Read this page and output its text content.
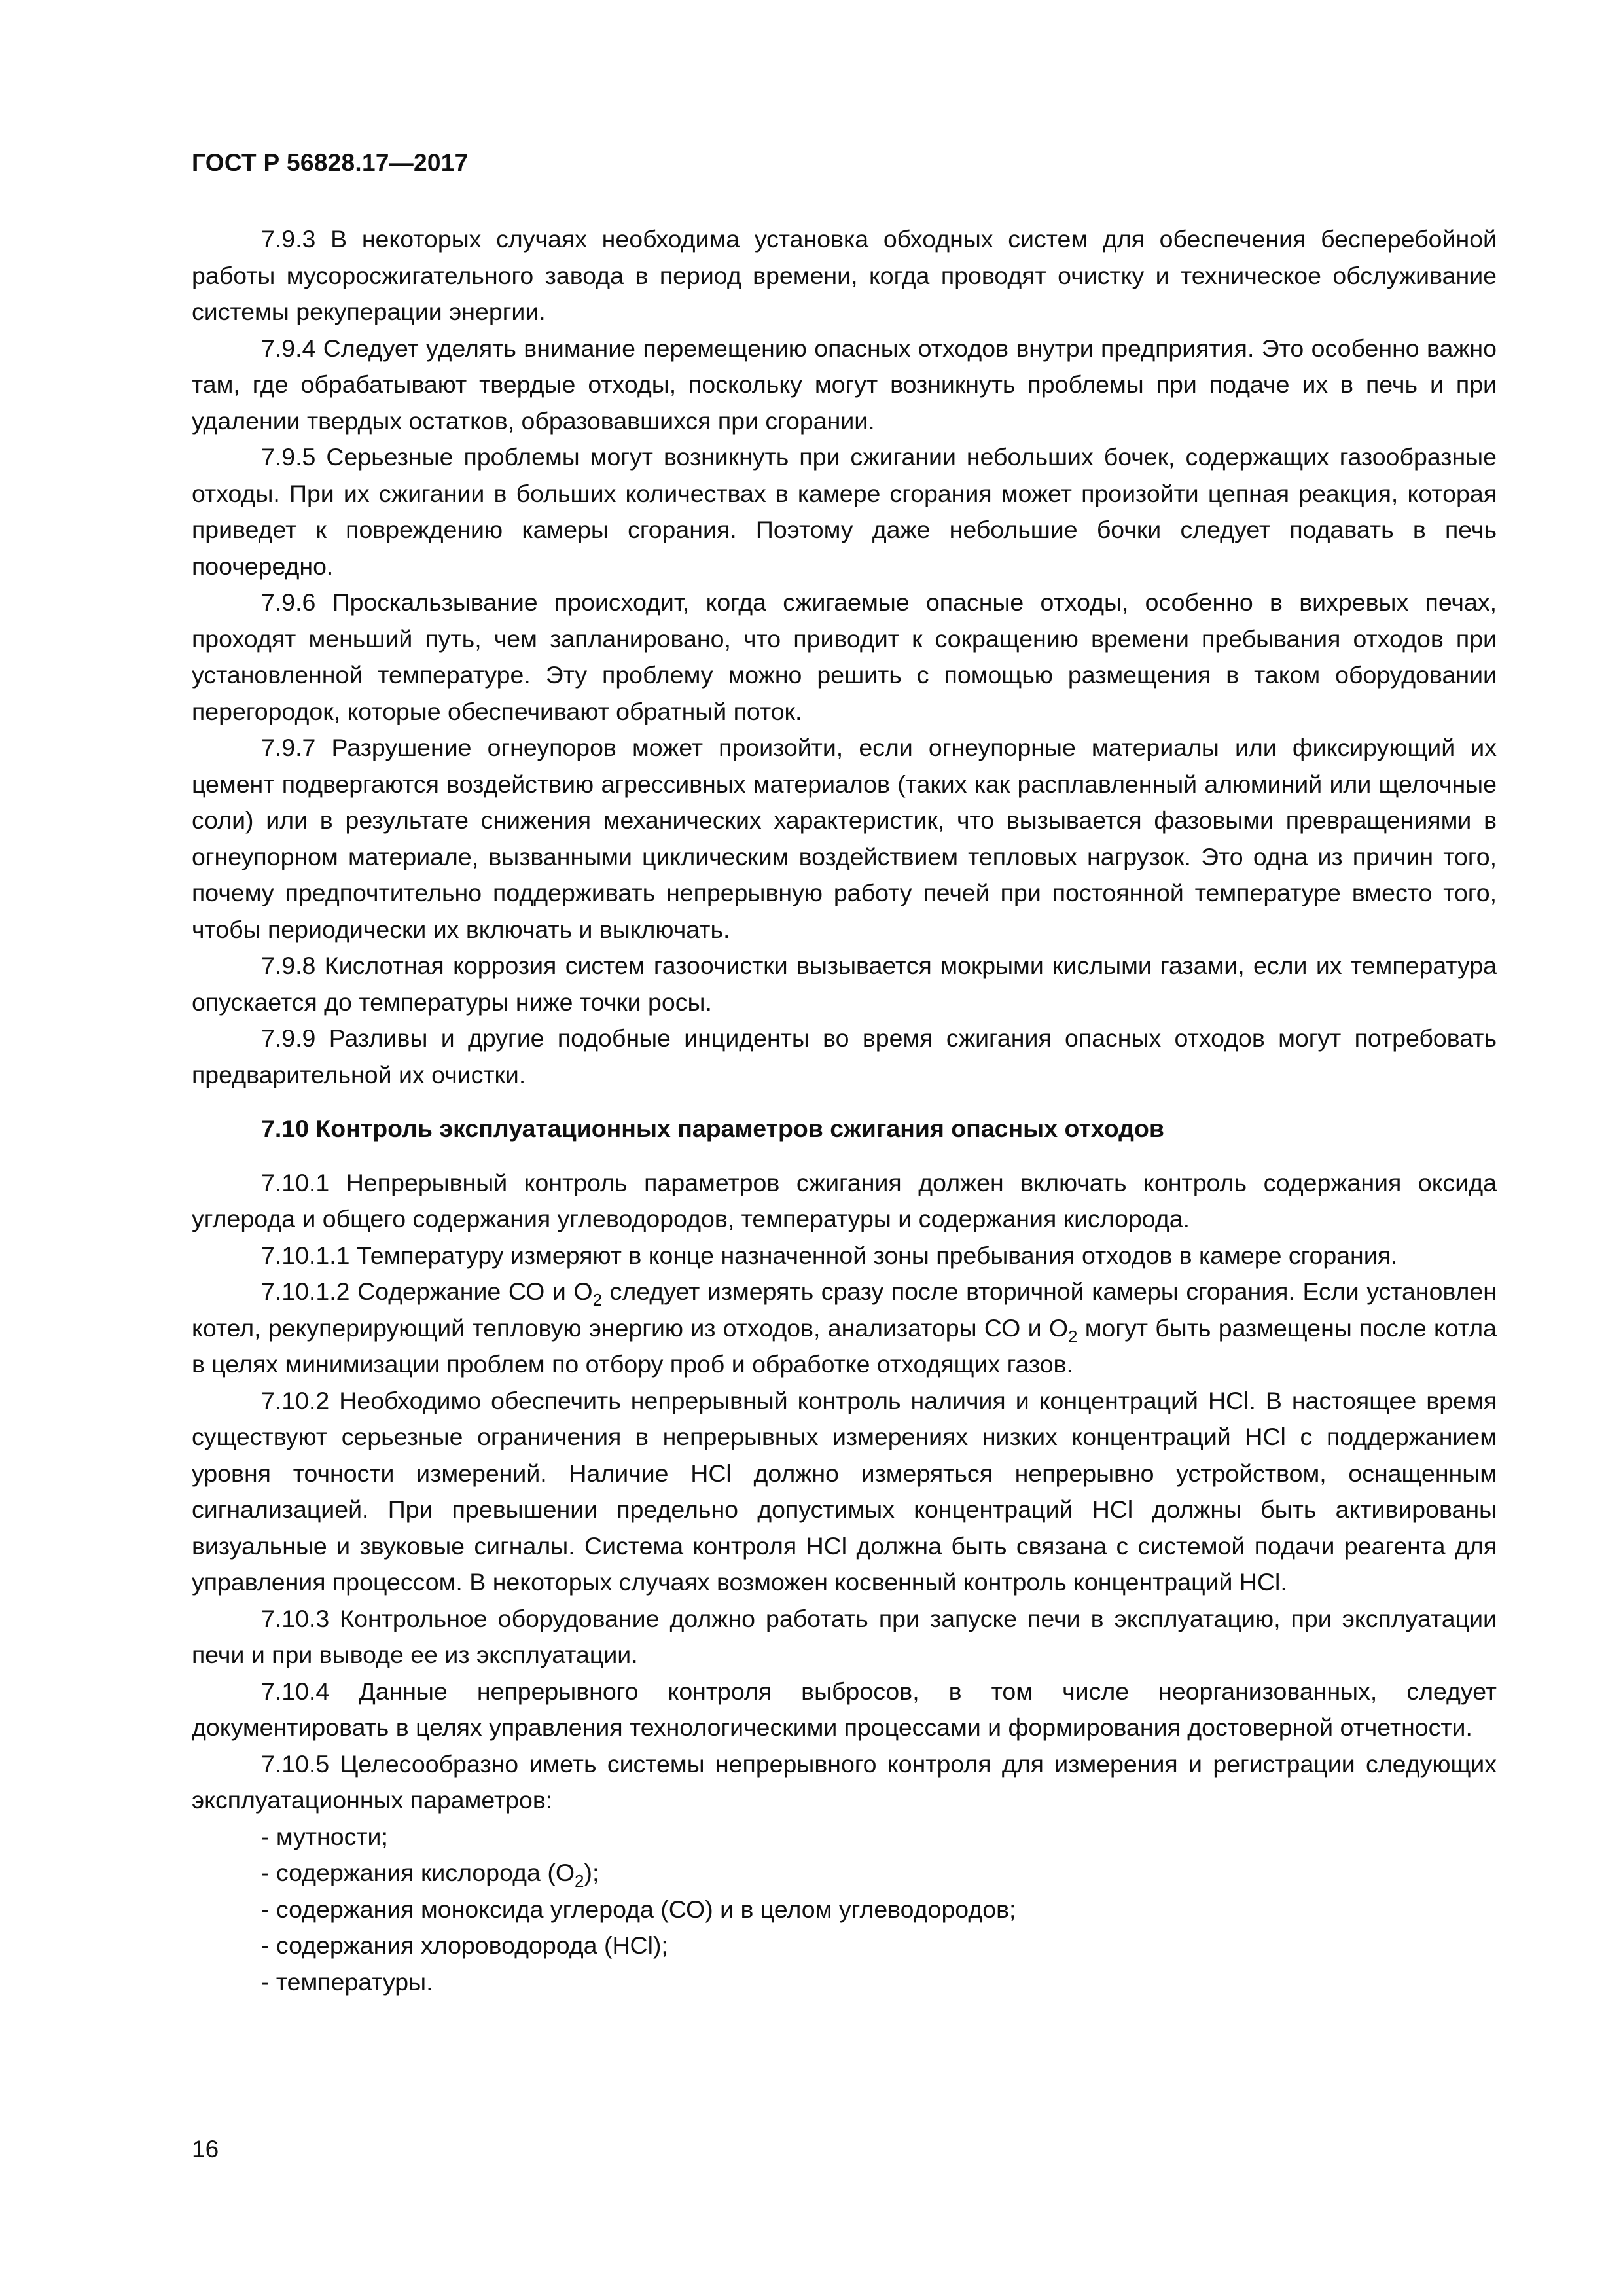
ГОСТ Р 56828.17—2017

7.9.3 В некоторых случаях необходима установка обходных систем для обеспечения бесперебойной работы мусоросжигательного завода в период времени, когда проводят очистку и техническое обслуживание системы рекуперации энергии.

7.9.4 Следует уделять внимание перемещению опасных отходов внутри предприятия. Это особенно важно там, где обрабатывают твердые отходы, поскольку могут возникнуть проблемы при подаче их в печь и при удалении твердых остатков, образовавшихся при сгорании.

7.9.5 Серьезные проблемы могут возникнуть при сжигании небольших бочек, содержащих газообразные отходы. При их сжигании в больших количествах в камере сгорания может произойти цепная реакция, которая приведет к повреждению камеры сгорания. Поэтому даже небольшие бочки следует подавать в печь поочередно.

7.9.6 Проскальзывание происходит, когда сжигаемые опасные отходы, особенно в вихревых печах, проходят меньший путь, чем запланировано, что приводит к сокращению времени пребывания отходов при установленной температуре. Эту проблему можно решить с помощью размещения в таком оборудовании перегородок, которые обеспечивают обратный поток.

7.9.7 Разрушение огнеупоров может произойти, если огнеупорные материалы или фиксирующий их цемент подвергаются воздействию агрессивных материалов (таких как расплавленный алюминий или щелочные соли) или в результате снижения механических характеристик, что вызывается фазовыми превращениями в огнеупорном материале, вызванными циклическим воздействием тепловых нагрузок. Это одна из причин того, почему предпочтительно поддерживать непрерывную работу печей при постоянной температуре вместо того, чтобы периодически их включать и выключать.

7.9.8 Кислотная коррозия систем газоочистки вызывается мокрыми кислыми газами, если их температура опускается до температуры ниже точки росы.

7.9.9 Разливы и другие подобные инциденты во время сжигания опасных отходов могут потребовать предварительной их очистки.

7.10 Контроль эксплуатационных параметров сжигания опасных отходов

7.10.1 Непрерывный контроль параметров сжигания должен включать контроль содержания оксида углерода и общего содержания углеводородов, температуры и содержания кислорода.

7.10.1.1 Температуру измеряют в конце назначенной зоны пребывания отходов в камере сгорания.

7.10.1.2 Содержание СО и $О_2$ следует измерять сразу после вторичной камеры сгорания. Если установлен котел, рекуперирующий тепловую энергию из отходов, анализаторы СО и $О_2$ могут быть размещены после котла в целях минимизации проблем по отбору проб и обработке отходящих газов.

7.10.2 Необходимо обеспечить непрерывный контроль наличия и концентраций HCl. В настоящее время существуют серьезные ограничения в непрерывных измерениях низких концентраций HCl с поддержанием уровня точности измерений. Наличие HCl должно измеряться непрерывно устройством, оснащенным сигнализацией. При превышении предельно допустимых концентраций HCl должны быть активированы визуальные и звуковые сигналы. Система контроля HCl должна быть связана с системой подачи реагента для управления процессом. В некоторых случаях возможен косвенный контроль концентраций HCl.

7.10.3 Контрольное оборудование должно работать при запуске печи в эксплуатацию, при эксплуатации печи и при выводе ее из эксплуатации.

7.10.4 Данные непрерывного контроля выбросов, в том числе неорганизованных, следует документировать в целях управления технологическими процессами и формирования достоверной отчетности.

7.10.5 Целесообразно иметь системы непрерывного контроля для измерения и регистрации следующих эксплуатационных параметров:

- мутности;
- содержания кислорода $(О_2)$;
- содержания моноксида углерода (СО) и в целом углеводородов;
- содержания хлороводорода (HCl);
- температуры.
16
